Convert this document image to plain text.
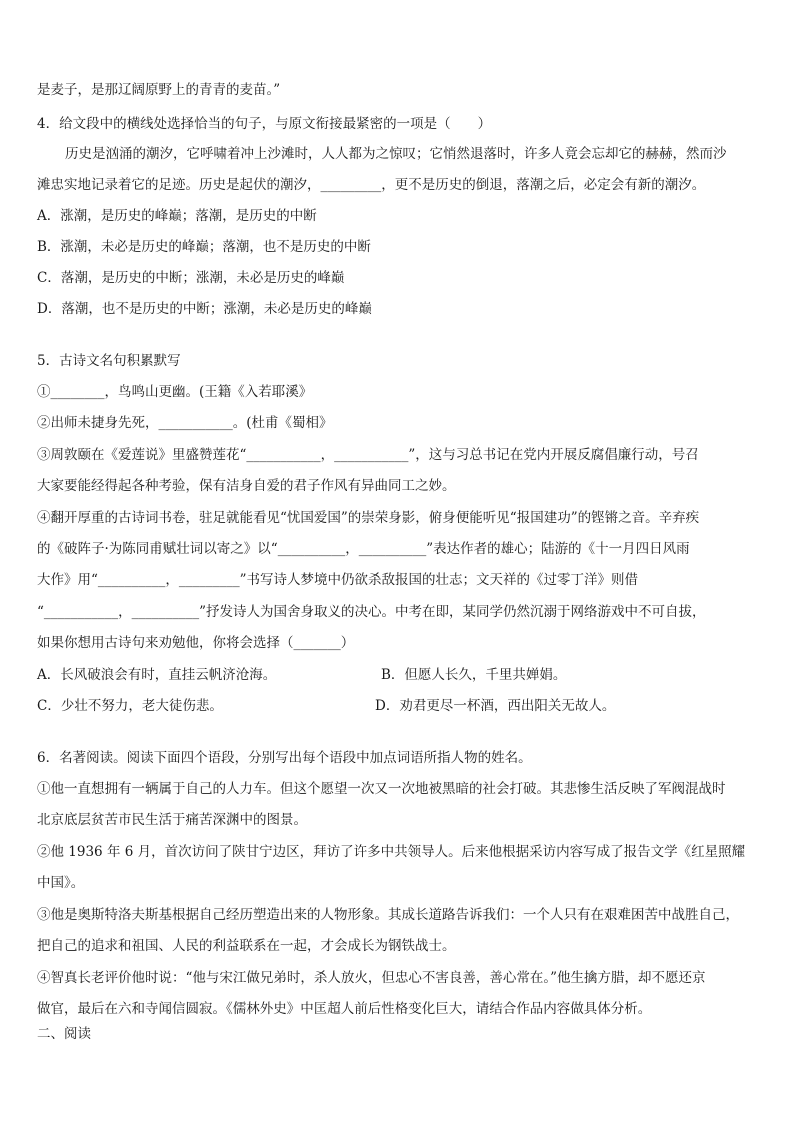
是麦子，是那辽阔原野上的青青的麦苗。”
4．给文段中的横线处选择恰当的句子，与原文衔接最紧密的一项是（　　）
历史是汹涌的潮汐，它呼啸着冲上沙滩时，人人都为之惊叹；它悄然退落时，许多人竟会忘却它的赫赫，然而沙
滩忠实地记录着它的足迹。历史是起伏的潮汐，_________，更不是历史的倒退，落潮之后，必定会有新的潮汐。
A．涨潮，是历史的峰巅；落潮，是历史的中断
B．涨潮，未必是历史的峰巅；落潮，也不是历史的中断
C．落潮，是历史的中断；涨潮，未必是历史的峰巅
D．落潮，也不是历史的中断；涨潮，未必是历史的峰巅
5．古诗文名句积累默写
①________，鸟鸣山更幽。(王籍《入若耶溪》
②出师未捷身先死，___________。(杜甫《蜀相》
③周敦颐在《爱莲说》里盛赞莲花“___________，___________”，这与习总书记在党内开展反腐倡廉行动，号召
大家要能经得起各种考验，保有洁身自爱的君子作风有异曲同工之妙。
④翻开厚重的古诗词书卷，驻足就能看见“忧国爱国”的崇荣身影，俯身便能听见“报国建功”的铿锵之音。辛弃疾
的《破阵子·为陈同甫赋壮词以寄之》以“__________，__________”表达作者的雄心；陆游的《十一月四日风雨
大作》用“__________，_________”书写诗人梦境中仍欲杀敌报国的壮志；文天祥的《过零丁洋》则借
“___________，__________”抒发诗人为国舍身取义的决心。中考在即，某同学仍然沉溺于网络游戏中不可自拔，
如果你想用古诗句来劝勉他，你将会选择（_______）
A．长风破浪会有时，直挂云帆济沧海。	B．但愿人长久，千里共婵娟。
C．少壮不努力，老大徒伤悲。	D．劝君更尽一杯酒，西出阳关无故人。
6．名著阅读。阅读下面四个语段，分别写出每个语段中加点词语所指人物的姓名。
①他一直想拥有一辆属于自己的人力车。但这个愿望一次又一次地被黑暗的社会打破。其悲惨生活反映了军阀混战时
北京底层贫苦市民生活于痛苦深渊中的图景。
②他 1936 年 6 月，首次访问了陕甘宁边区，拜访了许多中共领导人。后来他根据采访内容写成了报告文学《红星照耀
中国》。
③他是奥斯特洛夫斯基根据自己经历塑造出来的人物形象。其成长道路告诉我们：一个人只有在艰难困苦中战胜自己，
把自己的追求和祖国、人民的利益联系在一起，才会成长为钢铁战士。
④智真长老评价他时说：“他与宋江做兄弟时，杀人放火，但忠心不害良善，善心常在。”他生擒方腊，却不愿还京
做官，最后在六和寺闻信圆寂。《儒林外史》中匡超人前后性格变化巨大，请结合作品内容做具体分析。
二、阅读
